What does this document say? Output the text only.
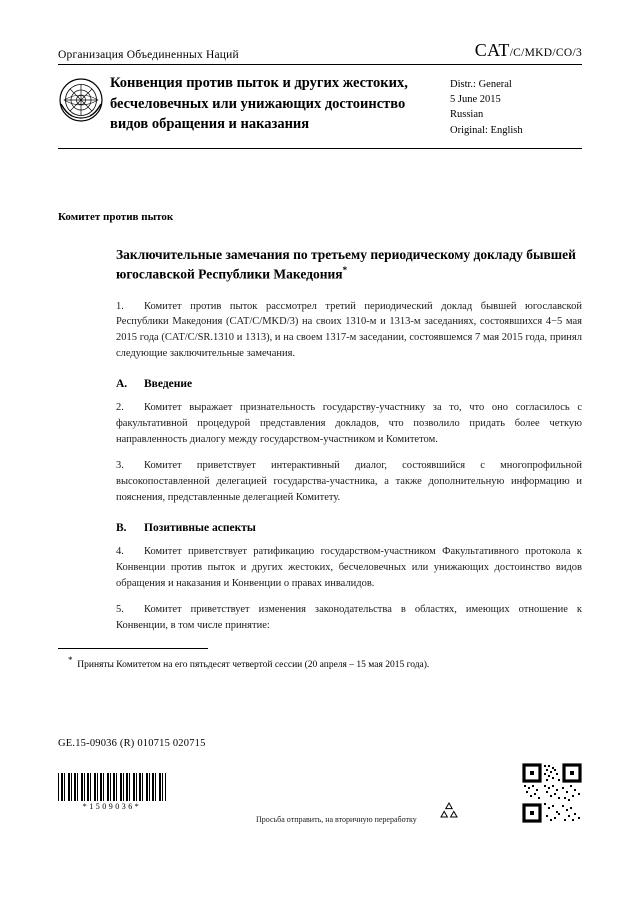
Организация Объединенных Наций	CAT/C/MKD/CO/3
Конвенция против пыток и других жестоких, бесчеловечных или унижающих достоинство видов обращения и наказания
Distr.: General
5 June 2015
Russian
Original: English
Комитет против пыток
Заключительные замечания по третьему периодическому докладу бывшей югославской Республики Македония*

1. Комитет против пыток рассмотрел третий периодический доклад бывшей югославской Республики Македония (CAT/C/MKD/3) на своих 1310-м и 1313-м заседаниях, состоявшихся 4−5 мая 2015 года (CAT/C/SR.1310 и 1313), и на своем 1317-м заседании, состоявшемся 7 мая 2015 года, принял следующие заключительные замечания.

A.	Введение

2. Комитет выражает признательность государству-участнику за то, что оно согласилось с факультативной процедурой представления докладов, что позволило придать более четкую направленность диалогу между государством-участником и Комитетом.

3. Комитет приветствует интерактивный диалог, состоявшийся с многопрофильной высокопоставленной делегацией государства-участника, а также дополнительную информацию и пояснения, представленные делегацией Комитету.

B.	Позитивные аспекты

4. Комитет приветствует ратификацию государством-участником Факультативного протокола к Конвенции против пыток и других жестоких, бесчеловечных или унижающих достоинство видов обращения и наказания и Конвенции о правах инвалидов.

5. Комитет приветствует изменения законодательства в областях, имеющих отношение к Конвенции, в том числе принятие:

*  Приняты Комитетом на его пятьдесят четвертой сессии (20 апреля – 15 мая 2015 года).
GE.15-09036 (R) 010715 020715
*1509036*
Просьба отправить, на вторичную переработку
